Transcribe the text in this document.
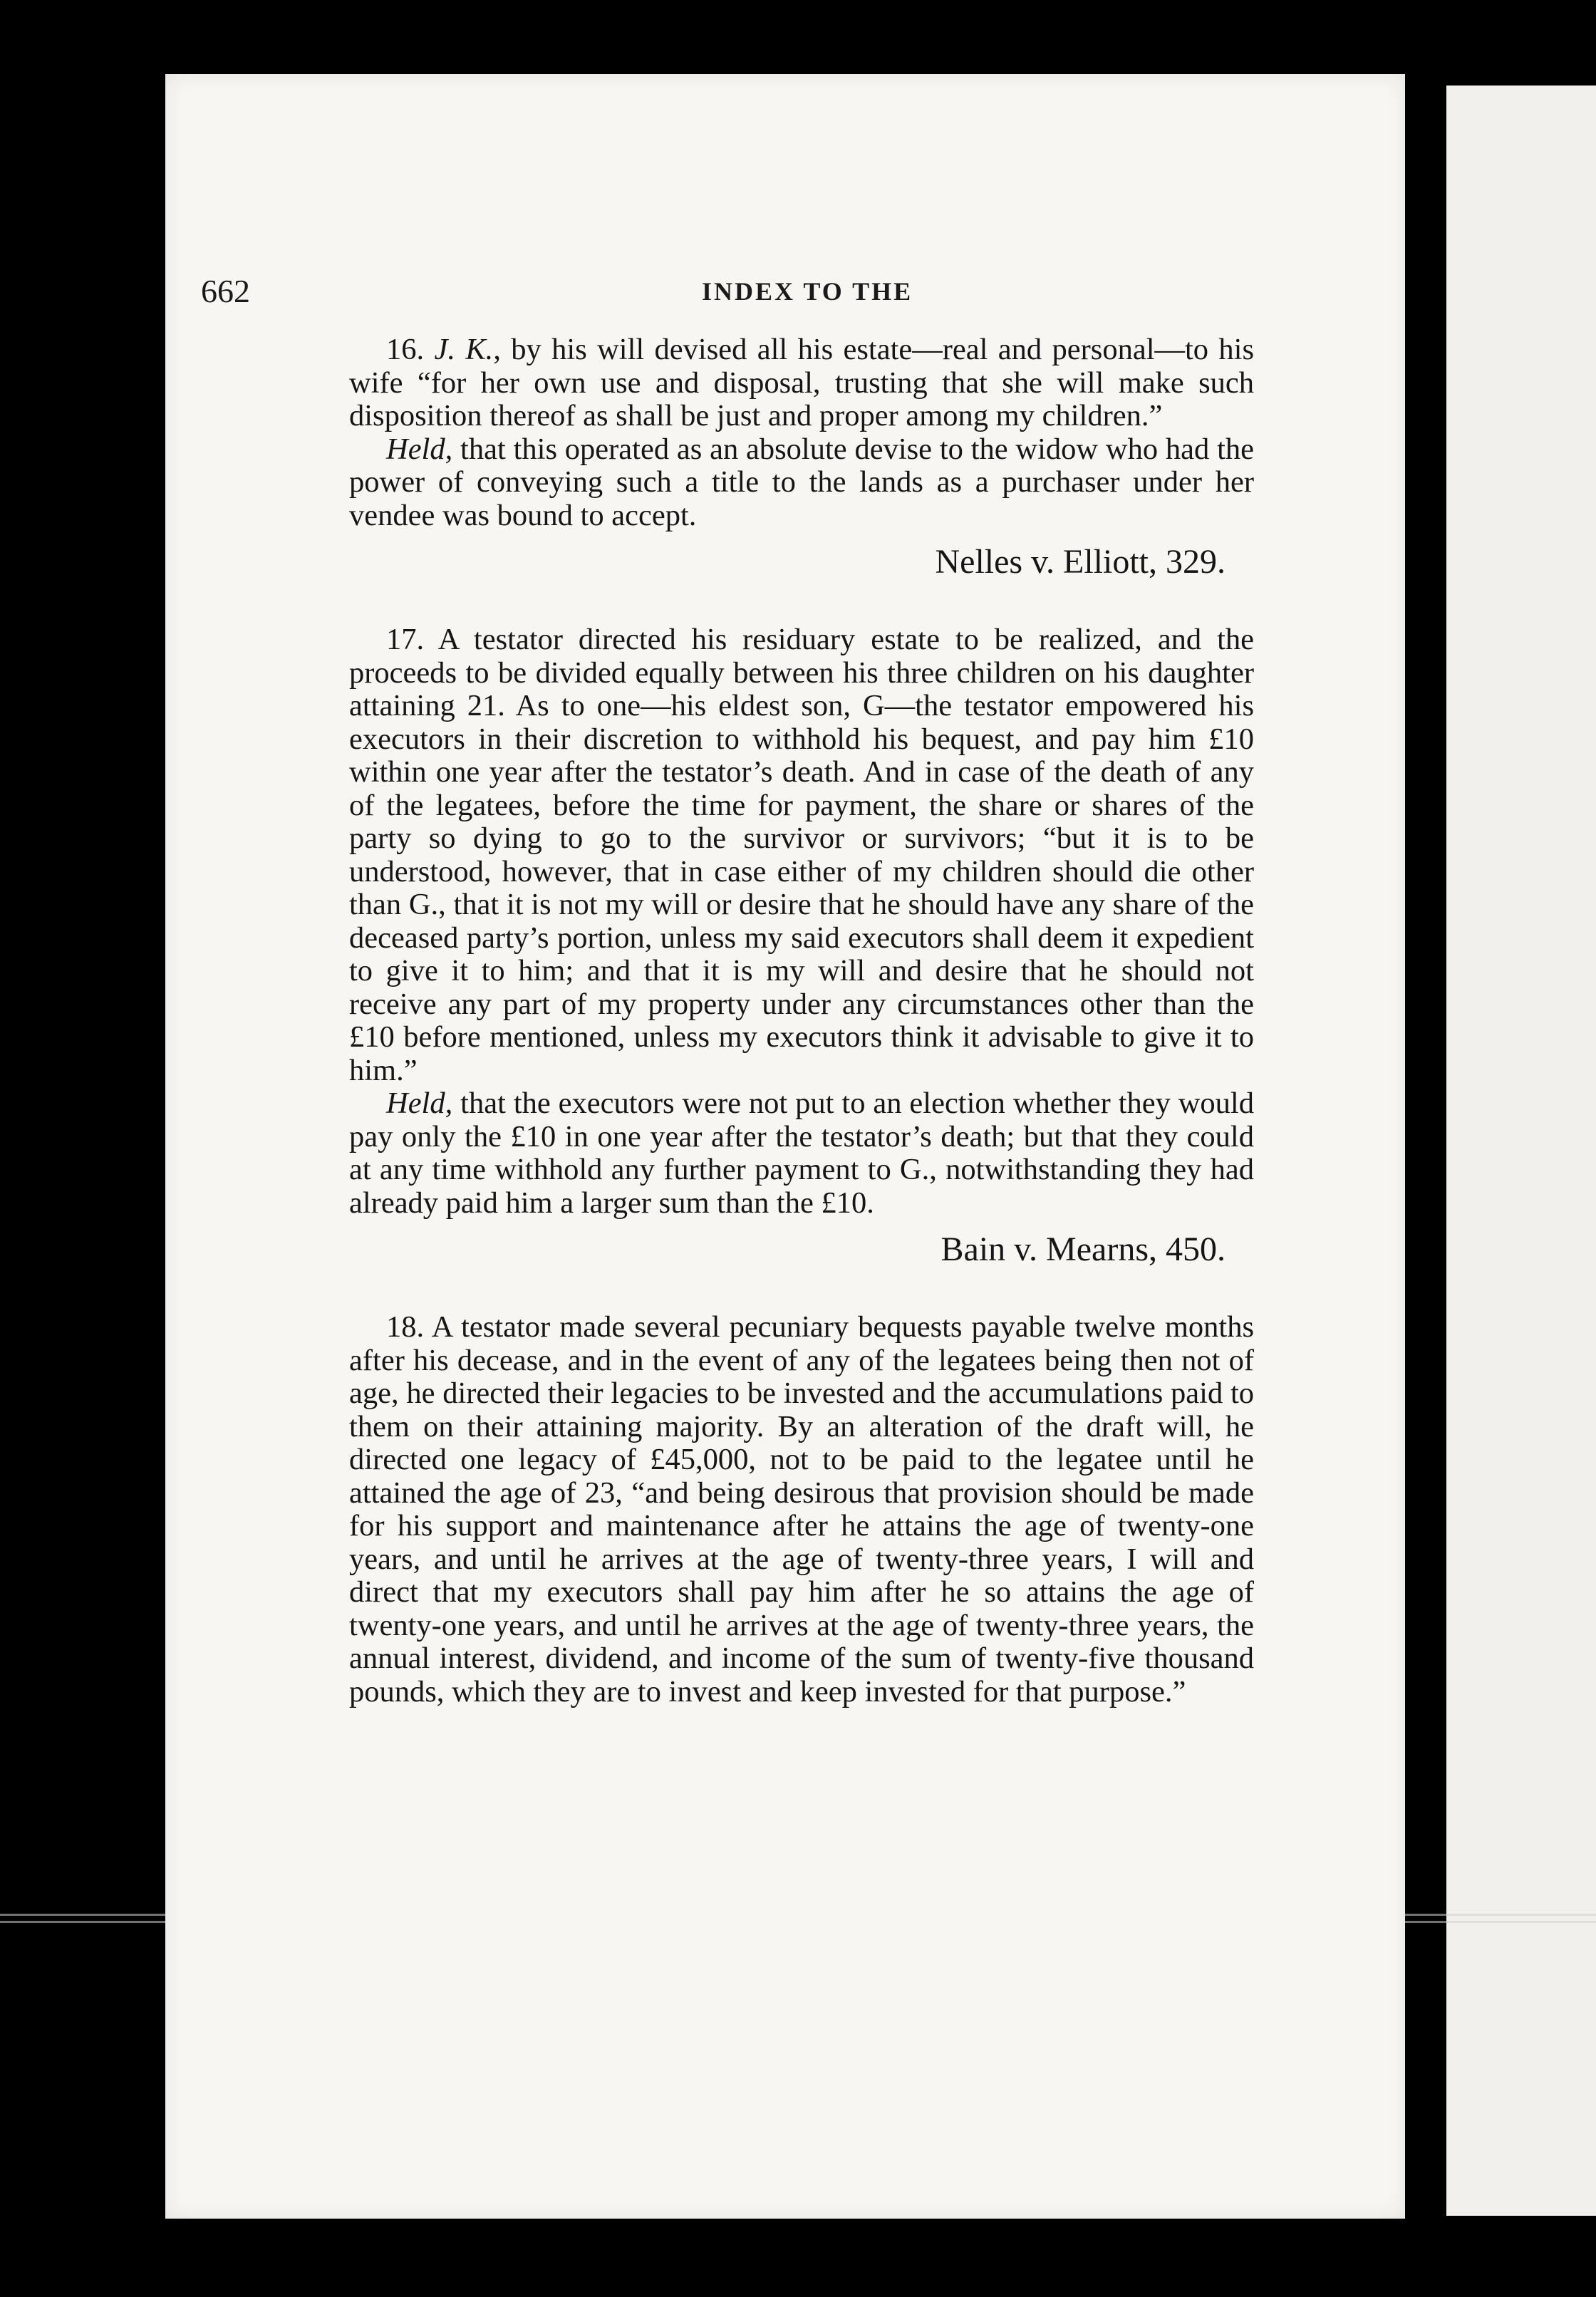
662	INDEX TO THE

16. J. K., by his will devised all his estate—real and personal—to his wife “for her own use and disposal, trusting that she will make such disposition thereof as shall be just and proper among my children.”

Held, that this operated as an absolute devise to the widow who had the power of conveying such a title to the lands as a purchaser under her vendee was bound to accept.

Nelles v. Elliott, 329.

17. A testator directed his residuary estate to be realized, and the proceeds to be divided equally between his three children on his daughter attaining 21. As to one—his eldest son, G—the testator empowered his executors in their discretion to withhold his bequest, and pay him £10 within one year after the testator’s death. And in case of the death of any of the legatees, before the time for payment, the share or shares of the party so dying to go to the survivor or survivors; “but it is to be understood, however, that in case either of my children should die other than G., that it is not my will or desire that he should have any share of the deceased party’s portion, unless my said executors shall deem it expedient to give it to him; and that it is my will and desire that he should not receive any part of my property under any circumstances other than the £10 before mentioned, unless my executors think it advisable to give it to him.”

Held, that the executors were not put to an election whether they would pay only the £10 in one year after the testator’s death; but that they could at any time withhold any further payment to G., notwithstanding they had already paid him a larger sum than the £10.

Bain v. Mearns, 450.

18. A testator made several pecuniary bequests payable twelve months after his decease, and in the event of any of the legatees being then not of age, he directed their legacies to be invested and the accumulations paid to them on their attaining majority. By an alteration of the draft will, he directed one legacy of £45,000, not to be paid to the legatee until he attained the age of 23, “and being desirous that provision should be made for his support and maintenance after he attains the age of twenty-one years, and until he arrives at the age of twenty-three years, I will and direct that my executors shall pay him after he so attains the age of twenty-one years, and until he arrives at the age of twenty-three years, the annual interest, dividend, and income of the sum of twenty-five thousand pounds, which they are to invest and keep invested for that purpose.”
